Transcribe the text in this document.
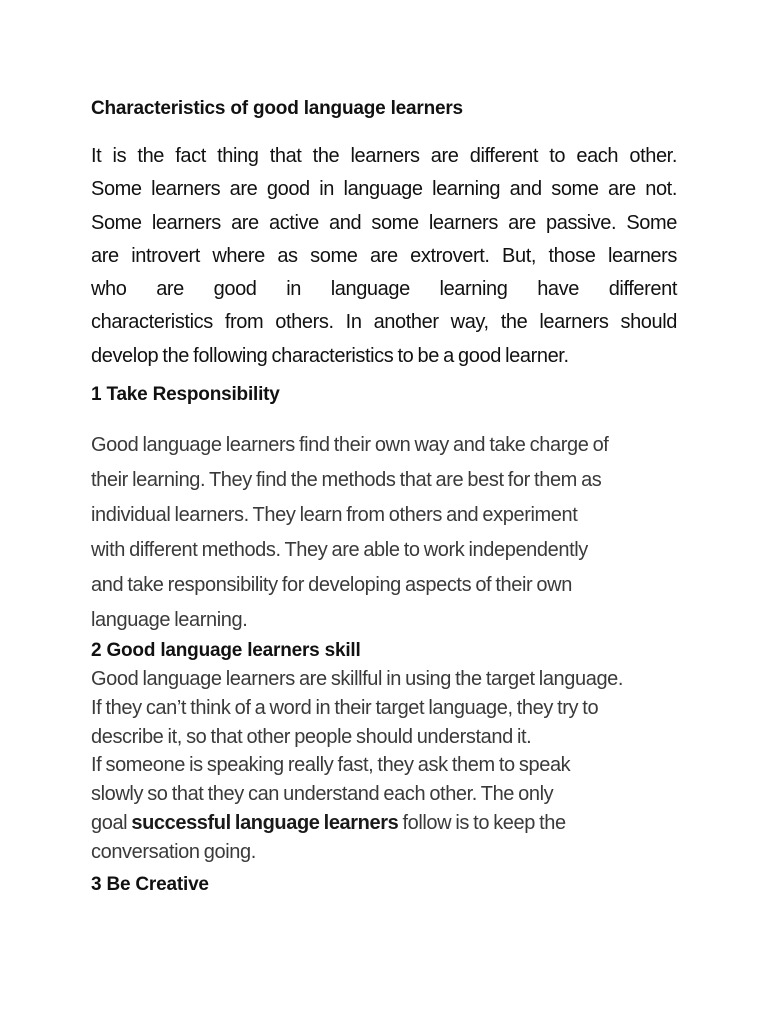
Characteristics of good language learners

It is the fact thing that the learners are different to each other.
Some learners are good in language learning and some are not.
Some learners are active and some learners are passive. Some
are introvert where as some are extrovert. But, those learners
who are good in language learning have different
characteristics from others. In another way, the learners should
develop the following characteristics to be a good learner.

1 Take Responsibility

Good language learners find their own way and take charge of
their learning. They find the methods that are best for them as
individual learners. They learn from others and experiment
with different methods. They are able to work independently
and take responsibility for developing aspects of their own
language learning.

2 Good language learners skill

Good language learners are skillful in using the target language.
If they can’t think of a word in their target language, they try to
describe it, so that other people should understand it.
If someone is speaking really fast, they ask them to speak
slowly so that they can understand each other. The only
goal successful language learners follow is to keep the
conversation going.

3 Be Creative
